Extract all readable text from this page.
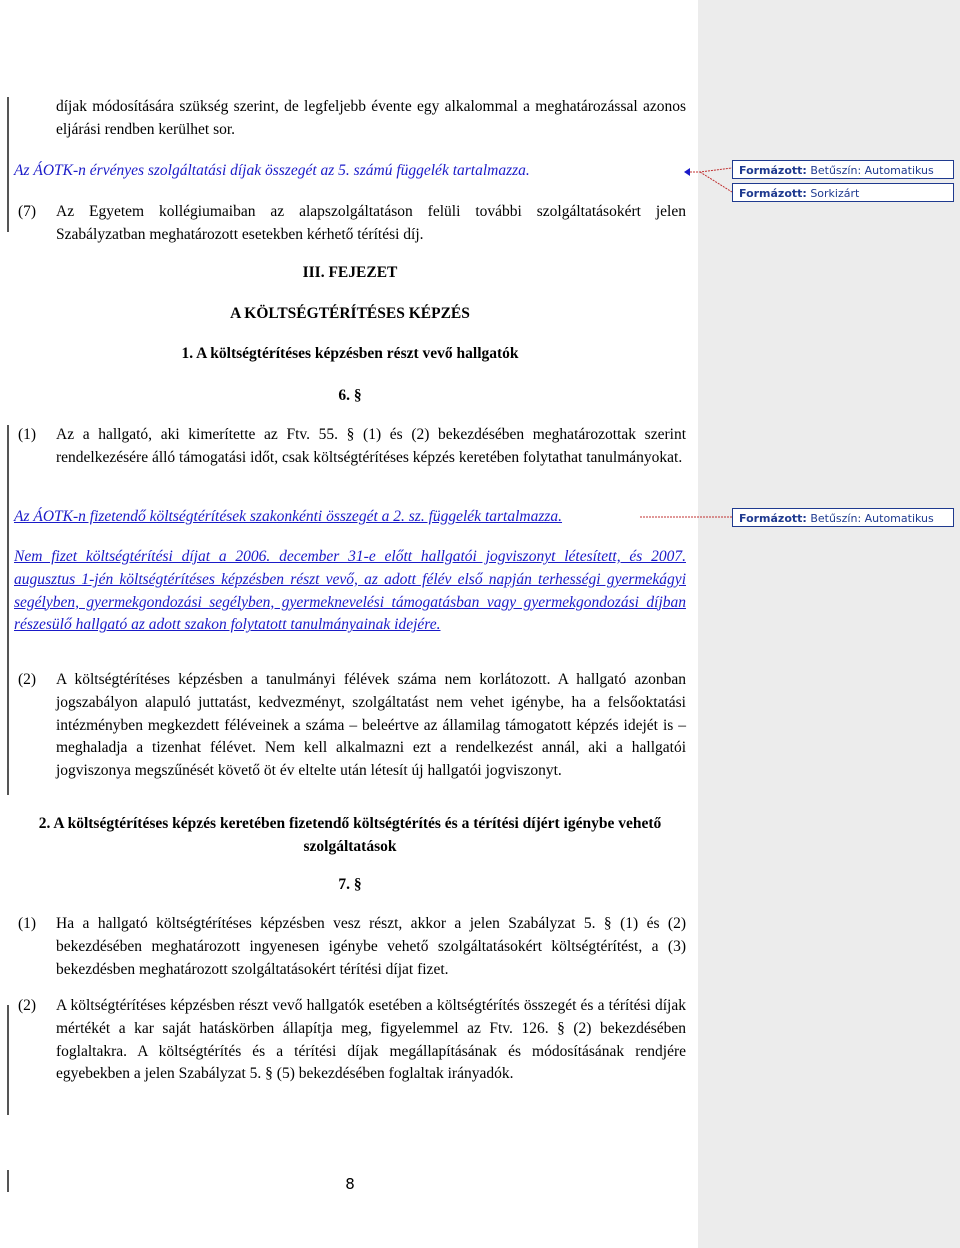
Formázott: Betűszín: Automatikus
Formázott: Sorkizárt
Formázott: Betűszín: Automatikus
díjak módosítására szükség szerint, de legfeljebb évente egy alkalommal a meghatározással azonos eljárási rendben kerülhet sor.
Az ÁOTK-n érvényes szolgáltatási díjak összegét az 5. számú függelék tartalmazza.
(7) Az Egyetem kollégiumaiban az alapszolgáltatáson felüli további szolgáltatásokért jelen Szabályzatban meghatározott esetekben kérhető térítési díj.
III. FEJEZET
A KÖLTSÉGTÉRÍTÉSES KÉPZÉS
1. A költségtérítéses képzésben részt vevő hallgatók
6. §
(1) Az a hallgató, aki kimerítette az Ftv. 55. § (1) és (2) bekezdésében meghatározottak szerint rendelkezésére álló támogatási időt, csak költségtérítéses képzés keretében folytathat tanulmányokat.
Az ÁOTK-n fizetendő költségtérítések szakonkénti összegét a 2. sz. függelék tartalmazza.
Nem fizet költségtérítési díjat a 2006. december 31-e előtt hallgatói jogviszonyt létesített, és 2007. augusztus 1-jén költségtérítéses képzésben részt vevő, az adott félév első napján terhességi gyermekágyi segélyben, gyermekgondozási segélyben, gyermeknevelési támogatásban vagy gyermekgondozási díjban részesülő hallgató az adott szakon folytatott tanulmányainak idejére.
(2) A költségtérítéses képzésben a tanulmányi félévek száma nem korlátozott. A hallgató azonban jogszabályon alapuló juttatást, kedvezményt, szolgáltatást nem vehet igénybe, ha a felsőoktatási intézményben megkezdett féléveinek a száma – beleértve az államilag támogatott képzés idejét is – meghaladja a tizenhat félévet. Nem kell alkalmazni ezt a rendelkezést annál, aki a hallgatói jogviszonya megszűnését követő öt év eltelte után létesít új hallgatói jogviszonyt.
2. A költségtérítéses képzés keretében fizetendő költségtérítés és a térítési díjért igénybe vehető szolgáltatások
7. §
(1) Ha a hallgató költségtérítéses képzésben vesz részt, akkor a jelen Szabályzat 5. § (1) és (2) bekezdésében meghatározott ingyenesen igénybe vehető szolgáltatásokért költségtérítést, a (3) bekezdésben meghatározott szolgáltatásokért térítési díjat fizet.
(2) A költségtérítéses képzésben részt vevő hallgatók esetében a költségtérítés összegét és a térítési díjak mértékét a kar saját hatáskörben állapítja meg, figyelemmel az Ftv. 126. § (2) bekezdésében foglaltakra. A költségtérítés és a térítési díjak megállapításának és módosításának rendjére egyebekben a jelen Szabályzat 5. § (5) bekezdésében foglaltak irányadók.
8
